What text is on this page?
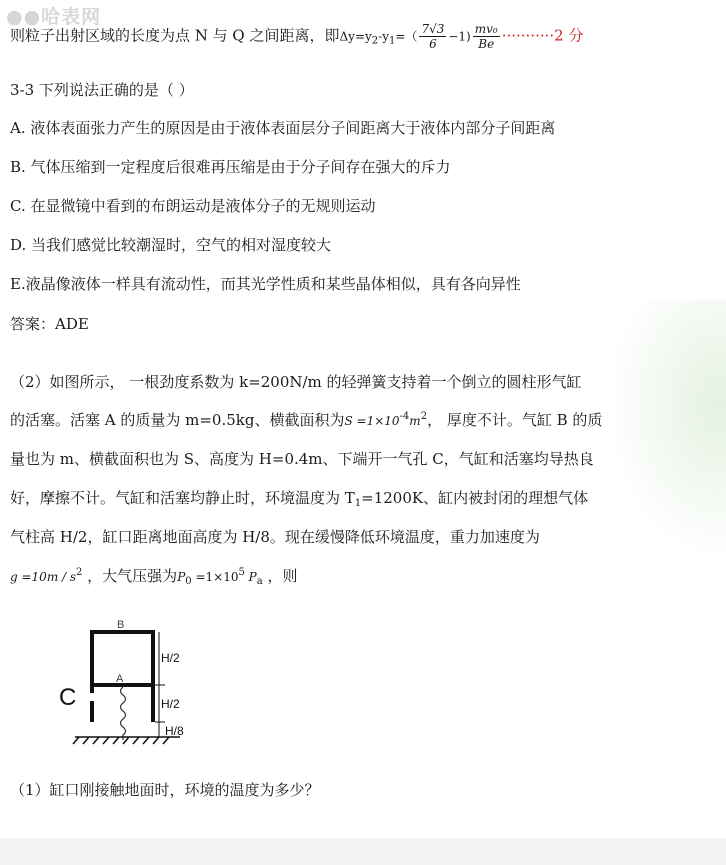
●●哈表网
则粒子出射区域的长度为点 N 与 Q 之间距离，即$\Delta y=y_2-y_1=( \frac{7√3}{6} -1) \frac{\text{mv₀}}{Be} \cdot\cdot\cdot\cdot\cdot\cdot\cdot\cdot\cdot\cdot\cdot 2$ 分
3-3 下列说法正确的是（ ）
A. 液体表面张力产生的原因是由于液体表面层分子间距离大于液体内部分子间距离
B. 气体压缩到一定程度后很难再压缩是由于分子间存在强大的斥力
C. 在显微镜中看到的布朗运动是液体分子的无规则运动
D. 当我们感觉比较潮湿时，空气的相对湿度较大
E.液晶像液体一样具有流动性，而其光学性质和某些晶体相似，具有各向异性
答案：ADE
（2）如图所示， 一根劲度系数为 k=200N/m 的轻弹簧支持着一个倒立的圆柱形气缸
的活塞。活塞 A 的质量为 m=0.5kg、横截面积为$S =1\times 10^{-4}m^2$， 厚度不计。气缸 B 的质
量也为 m、横截面积也为 S、高度为 H=0.4m、下端开一气孔 C，气缸和活塞均导热良
好，摩擦不计。气缸和活塞均静止时，环境温度为 $T_1=1200K$、缸内被封闭的理想气体
气柱高 H/2，缸口距离地面高度为 H/8。现在缓慢降低环境温度，重力加速度为
$g =10m / s^2$ ，大气压强为$P_0 =1\times 10^5$ $P_a$ ，则
B
A
C
H/2
H/2
H/8
（1）缸口刚接触地面时，环境的温度为多少？
